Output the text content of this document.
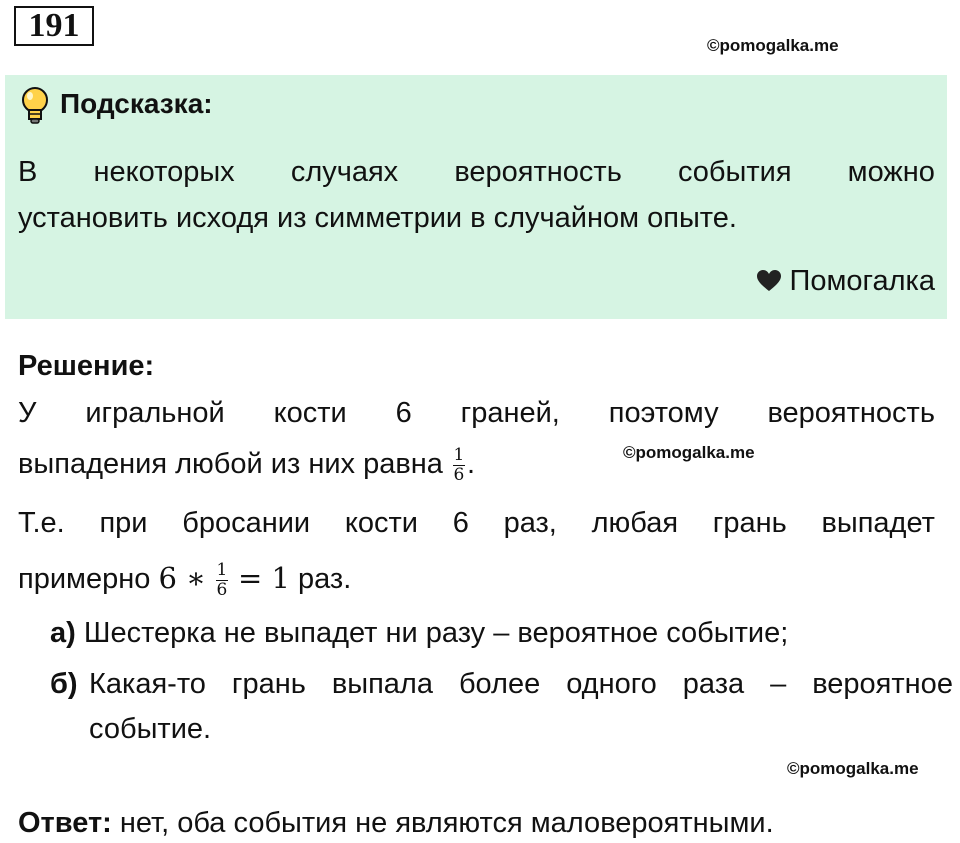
191
©pomogalka.me
Подсказка:
В некоторых случаях вероятность события можно
установить исходя из симметрии в случайном опыте.
Помогалка
Решение:
У игральной кости 6 граней, поэтому вероятность
выпадения любой из них равна $\frac{1}{6}$ .	©pomogalka.me
Т.е. при бросании кости 6 раз, любая грань выпадет
примерно 6 ∗ $\frac{1}{6} = 1$ раз.
а) Шестерка не выпадет ни разу – вероятное событие;
б) Какая-то грань выпала более одного раза – вероятное
событие.
©pomogalka.me
Ответ: нет, оба события не являются маловероятными.
